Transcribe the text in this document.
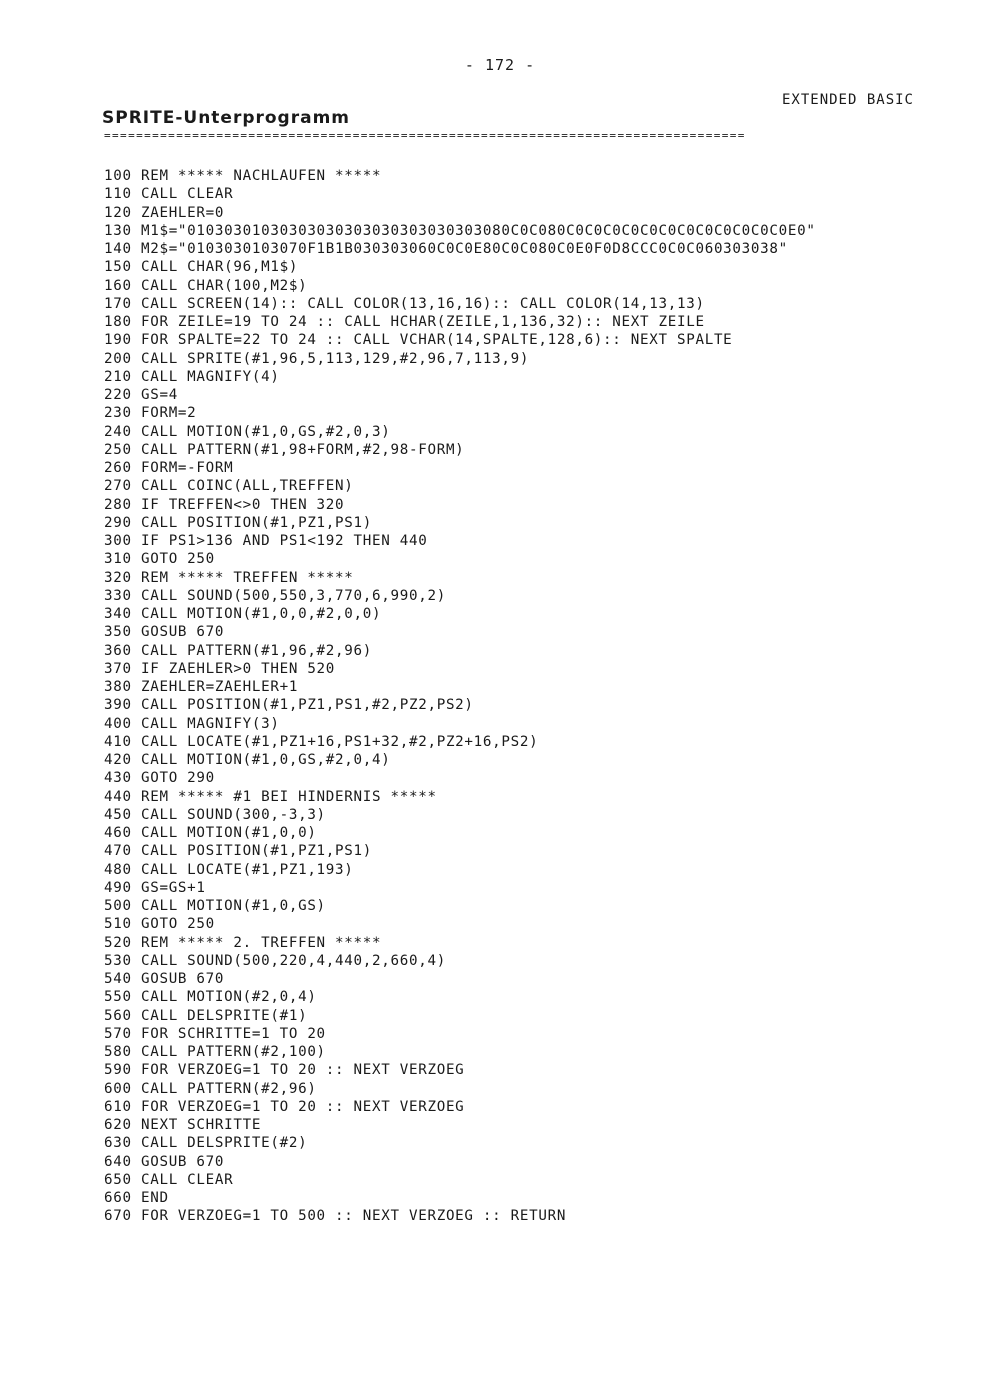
- 172 -
EXTENDED BASIC
SPRITE-Unterprogramm
================================================================================
100 REM ***** NACHLAUFEN *****
110 CALL CLEAR
120 ZAEHLER=0
130 M1$="01030301030303030303030303030303080C0C080C0C0C0C0C0C0C0C0C0C0C0C0E0"
140 M2$="0103030103070F1B1B030303060C0C0E80C0C080C0E0F0D8CCC0C0C060303038"
150 CALL CHAR(96,M1$)
160 CALL CHAR(100,M2$)
170 CALL SCREEN(14):: CALL COLOR(13,16,16):: CALL COLOR(14,13,13)
180 FOR ZEILE=19 TO 24 :: CALL HCHAR(ZEILE,1,136,32):: NEXT ZEILE
190 FOR SPALTE=22 TO 24 :: CALL VCHAR(14,SPALTE,128,6):: NEXT SPALTE
200 CALL SPRITE(#1,96,5,113,129,#2,96,7,113,9)
210 CALL MAGNIFY(4)
220 GS=4
230 FORM=2
240 CALL MOTION(#1,0,GS,#2,0,3)
250 CALL PATTERN(#1,98+FORM,#2,98-FORM)
260 FORM=-FORM
270 CALL COINC(ALL,TREFFEN)
280 IF TREFFEN<>0 THEN 320
290 CALL POSITION(#1,PZ1,PS1)
300 IF PS1>136 AND PS1<192 THEN 440
310 GOTO 250
320 REM ***** TREFFEN *****
330 CALL SOUND(500,550,3,770,6,990,2)
340 CALL MOTION(#1,0,0,#2,0,0)
350 GOSUB 670
360 CALL PATTERN(#1,96,#2,96)
370 IF ZAEHLER>0 THEN 520
380 ZAEHLER=ZAEHLER+1
390 CALL POSITION(#1,PZ1,PS1,#2,PZ2,PS2)
400 CALL MAGNIFY(3)
410 CALL LOCATE(#1,PZ1+16,PS1+32,#2,PZ2+16,PS2)
420 CALL MOTION(#1,0,GS,#2,0,4)
430 GOTO 290
440 REM ***** #1 BEI HINDERNIS *****
450 CALL SOUND(300,-3,3)
460 CALL MOTION(#1,0,0)
470 CALL POSITION(#1,PZ1,PS1)
480 CALL LOCATE(#1,PZ1,193)
490 GS=GS+1
500 CALL MOTION(#1,0,GS)
510 GOTO 250
520 REM ***** 2. TREFFEN *****
530 CALL SOUND(500,220,4,440,2,660,4)
540 GOSUB 670
550 CALL MOTION(#2,0,4)
560 CALL DELSPRITE(#1)
570 FOR SCHRITTE=1 TO 20
580 CALL PATTERN(#2,100)
590 FOR VERZOEG=1 TO 20 :: NEXT VERZOEG
600 CALL PATTERN(#2,96)
610 FOR VERZOEG=1 TO 20 :: NEXT VERZOEG
620 NEXT SCHRITTE
630 CALL DELSPRITE(#2)
640 GOSUB 670
650 CALL CLEAR
660 END
670 FOR VERZOEG=1 TO 500 :: NEXT VERZOEG :: RETURN
